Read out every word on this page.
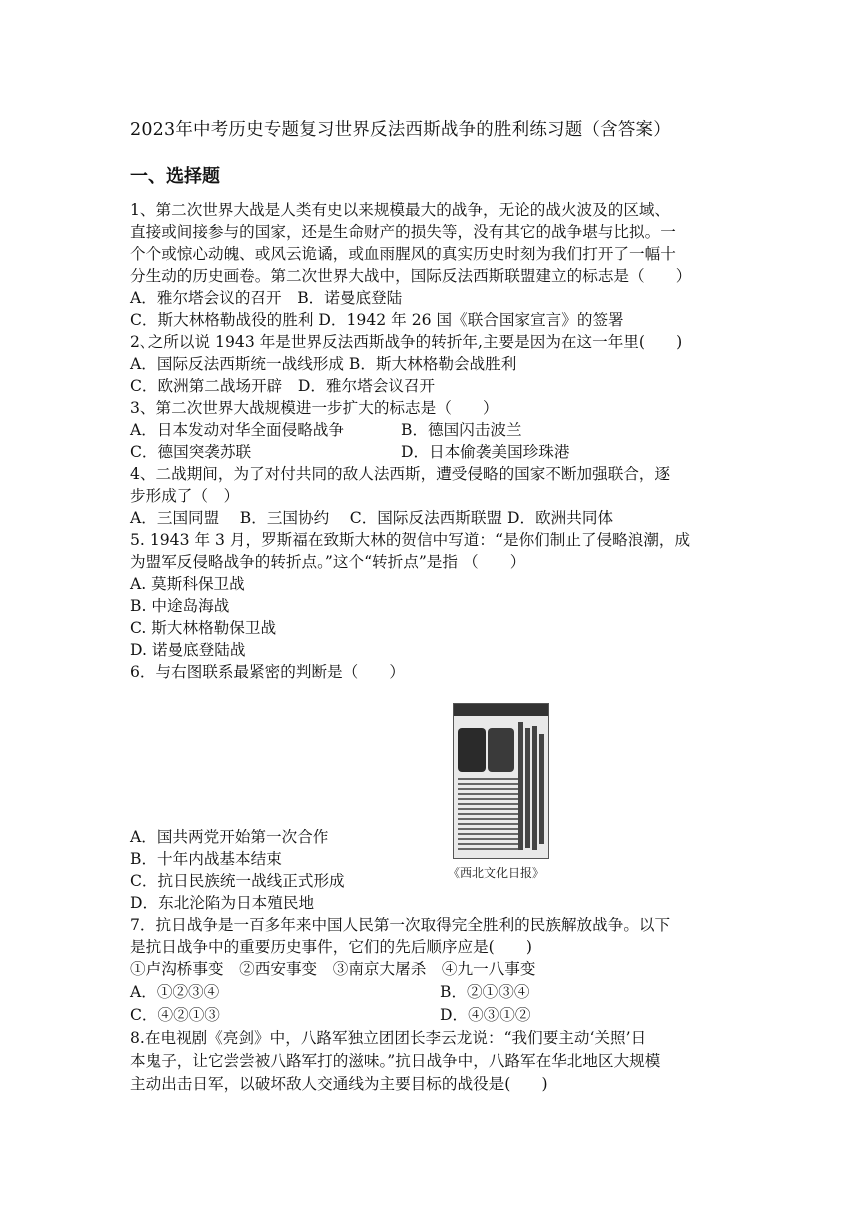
2023年中考历史专题复习世界反法西斯战争的胜利练习题（含答案）
一、选择题
1、第二次世界大战是人类有史以来规模最大的战争，无论的战火波及的区域、
直接或间接参与的国家，还是生命财产的损失等，没有其它的战争堪与比拟。一
个个或惊心动魄、或风云诡谲，或血雨腥风的真实历史时刻为我们打开了一幅十
分生动的历史画卷。第二次世界大战中，国际反法西斯联盟建立的标志是（　　）
A．雅尔塔会议的召开　B．诺曼底登陆
C．斯大林格勒战役的胜利 D．1942 年 26 国《联合国家宣言》的签署
2､之所以说 1943 年是世界反法西斯战争的转折年,主要是因为在这一年里(　　)
A．国际反法西斯统一战线形成 B．斯大林格勒会战胜利
C．欧洲第二战场开辟　D．雅尔塔会议召开
3、第二次世界大战规模进一步扩大的标志是（　　）
A．日本发动对华全面侵略战争	B．德国闪击波兰
C．德国突袭苏联	D．日本偷袭美国珍珠港
4、二战期间，为了对付共同的敌人法西斯，遭受侵略的国家不断加强联合，逐
步形成了（　）
A．三国同盟　 B．三国协约　 C．国际反法西斯联盟 D．欧洲共同体
5. 1943 年 3 月，罗斯福在致斯大林的贺信中写道：“是你们制止了侵略浪潮，成
为盟军反侵略战争的转折点。”这个“转折点”是指 （　　）
A. 莫斯科保卫战
B. 中途岛海战
C. 斯大林格勒保卫战
D. 诺曼底登陆战
6．与右图联系最紧密的判断是（　　）
《西北文化日报》
A．国共两党开始第一次合作
B．十年内战基本结束
C．抗日民族统一战线正式形成
D．东北沦陷为日本殖民地
7．抗日战争是一百多年来中国人民第一次取得完全胜利的民族解放战争。以下
是抗日战争中的重要历史事件，它们的先后顺序应是(　　)
①卢沟桥事变　②西安事变　③南京大屠杀　④九一八事变
A．①②③④	B．②①③④
C．④②①③	D．④③①②
8.在电视剧《亮剑》中，八路军独立团团长李云龙说：“我们要主动‘关照’日
本鬼子，让它尝尝被八路军打的滋味。”抗日战争中，八路军在华北地区大规模
主动出击日军，以破坏敌人交通线为主要目标的战役是(　　)
